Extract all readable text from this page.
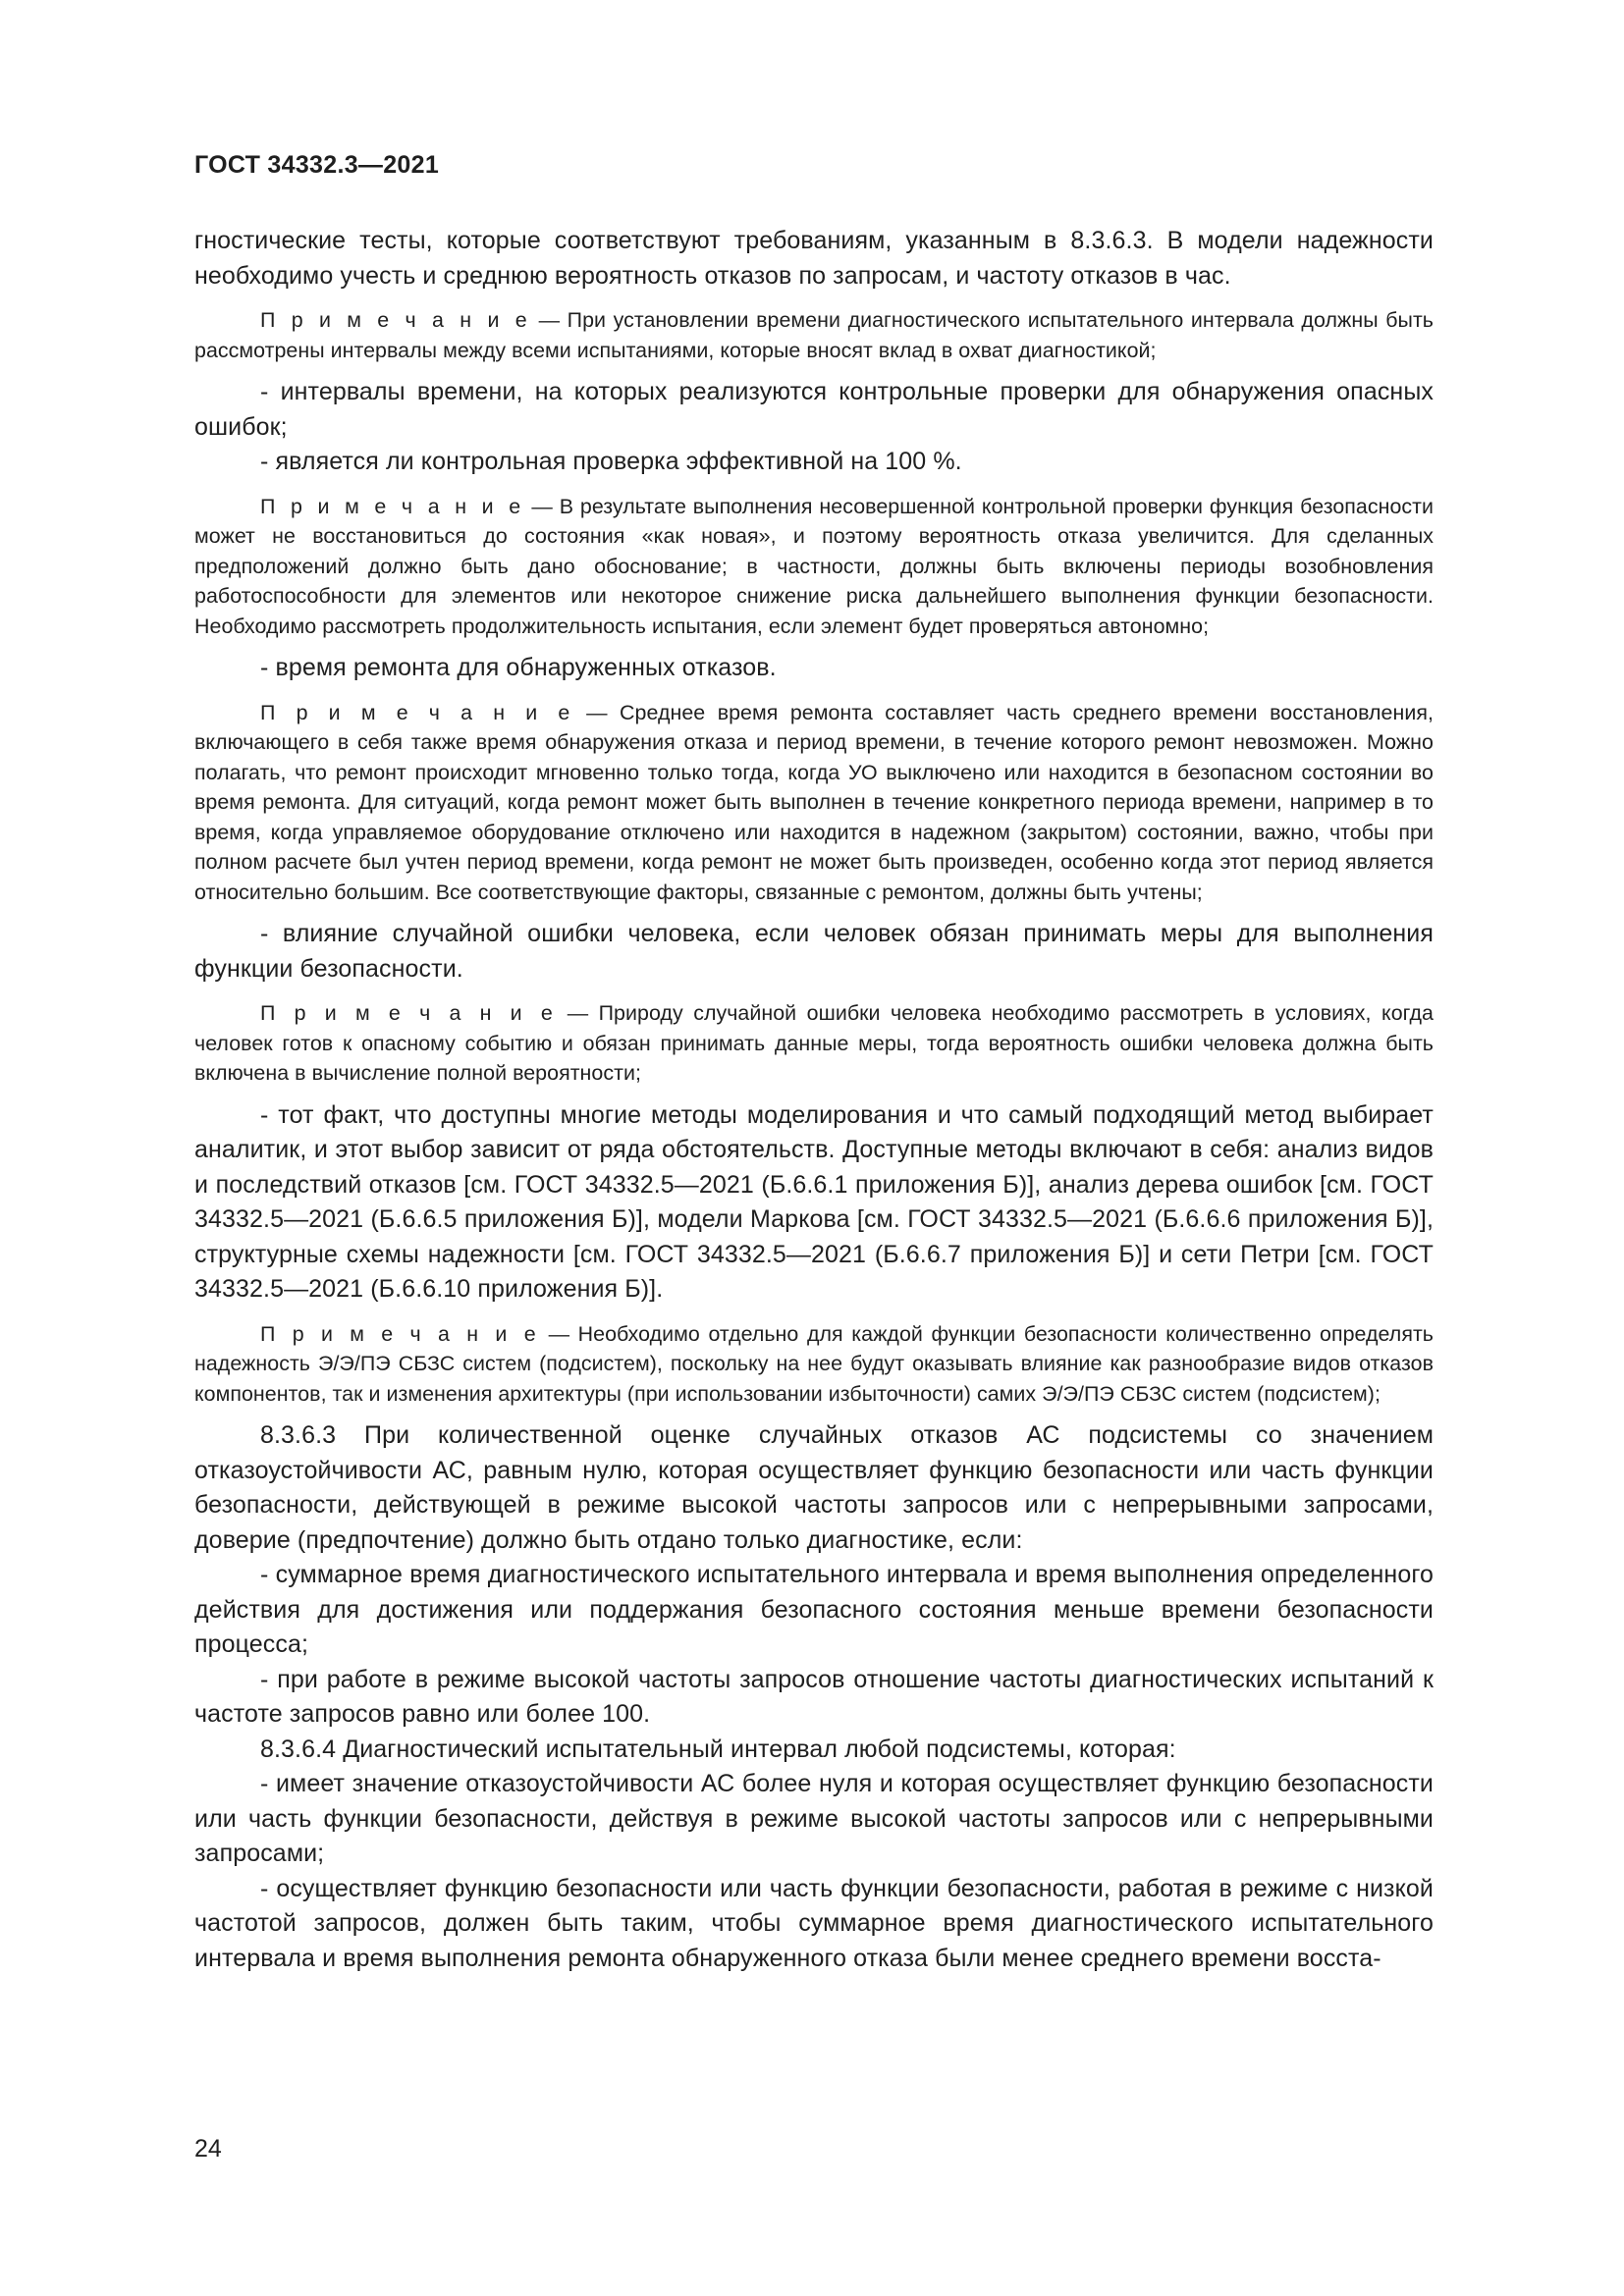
ГОСТ 34332.3—2021

гностические тесты, которые соответствуют требованиям, указанным в 8.3.6.3. В модели надежности необходимо учесть и среднюю вероятность отказов по запросам, и частоту отказов в час.

П р и м е ч а н и е — При установлении времени диагностического испытательного интервала должны быть рассмотрены интервалы между всеми испытаниями, которые вносят вклад в охват диагностикой;

- интервалы времени, на которых реализуются контрольные проверки для обнаружения опасных ошибок;

- является ли контрольная проверка эффективной на 100 %.

П р и м е ч а н и е — В результате выполнения несовершенной контрольной проверки функция безопасности может не восстановиться до состояния «как новая», и поэтому вероятность отказа увеличится. Для сделанных предположений должно быть дано обоснование; в частности, должны быть включены периоды возобновления работоспособности для элементов или некоторое снижение риска дальнейшего выполнения функции безопасности. Необходимо рассмотреть продолжительность испытания, если элемент будет проверяться автономно;

- время ремонта для обнаруженных отказов.

П р и м е ч а н и е — Среднее время ремонта составляет часть среднего времени восстановления, включающего в себя также время обнаружения отказа и период времени, в течение которого ремонт невозможен. Можно полагать, что ремонт происходит мгновенно только тогда, когда УО выключено или находится в безопасном состоянии во время ремонта. Для ситуаций, когда ремонт может быть выполнен в течение конкретного периода времени, например в то время, когда управляемое оборудование отключено или находится в надежном (закрытом) состоянии, важно, чтобы при полном расчете был учтен период времени, когда ремонт не может быть произведен, особенно когда этот период является относительно большим. Все соответствующие факторы, связанные с ремонтом, должны быть учтены;

- влияние случайной ошибки человека, если человек обязан принимать меры для выполнения функции безопасности.

П р и м е ч а н и е — Природу случайной ошибки человека необходимо рассмотреть в условиях, когда человек готов к опасному событию и обязан принимать данные меры, тогда вероятность ошибки человека должна быть включена в вычисление полной вероятности;

- тот факт, что доступны многие методы моделирования и что самый подходящий метод выбирает аналитик, и этот выбор зависит от ряда обстоятельств. Доступные методы включают в себя: анализ видов и последствий отказов [см. ГОСТ 34332.5—2021 (Б.6.6.1 приложения Б)], анализ дерева ошибок [см. ГОСТ 34332.5—2021 (Б.6.6.5 приложения Б)], модели Маркова [см. ГОСТ 34332.5—2021 (Б.6.6.6 приложения Б)], структурные схемы надежности [см. ГОСТ 34332.5—2021 (Б.6.6.7 приложения Б)] и сети Петри [см. ГОСТ 34332.5—2021 (Б.6.6.10 приложения Б)].

П р и м е ч а н и е — Необходимо отдельно для каждой функции безопасности количественно определять надежность Э/Э/ПЭ СБЗС систем (подсистем), поскольку на нее будут оказывать влияние как разнообразие видов отказов компонентов, так и изменения архитектуры (при использовании избыточности) самих Э/Э/ПЭ СБЗС систем (подсистем);

8.3.6.3 При количественной оценке случайных отказов АС подсистемы со значением отказоустойчивости АС, равным нулю, которая осуществляет функцию безопасности или часть функции безопасности, действующей в режиме высокой частоты запросов или с непрерывными запросами, доверие (предпочтение) должно быть отдано только диагностике, если:

- суммарное время диагностического испытательного интервала и время выполнения определенного действия для достижения или поддержания безопасного состояния меньше времени безопасности процесса;

- при работе в режиме высокой частоты запросов отношение частоты диагностических испытаний к частоте запросов равно или более 100.

8.3.6.4 Диагностический испытательный интервал любой подсистемы, которая:

- имеет значение отказоустойчивости АС более нуля и которая осуществляет функцию безопасности или часть функции безопасности, действуя в режиме высокой частоты запросов или с непрерывными запросами;

- осуществляет функцию безопасности или часть функции безопасности, работая в режиме с низкой частотой запросов, должен быть таким, чтобы суммарное время диагностического испытательного интервала и время выполнения ремонта обнаруженного отказа были менее среднего времени восста-

24
